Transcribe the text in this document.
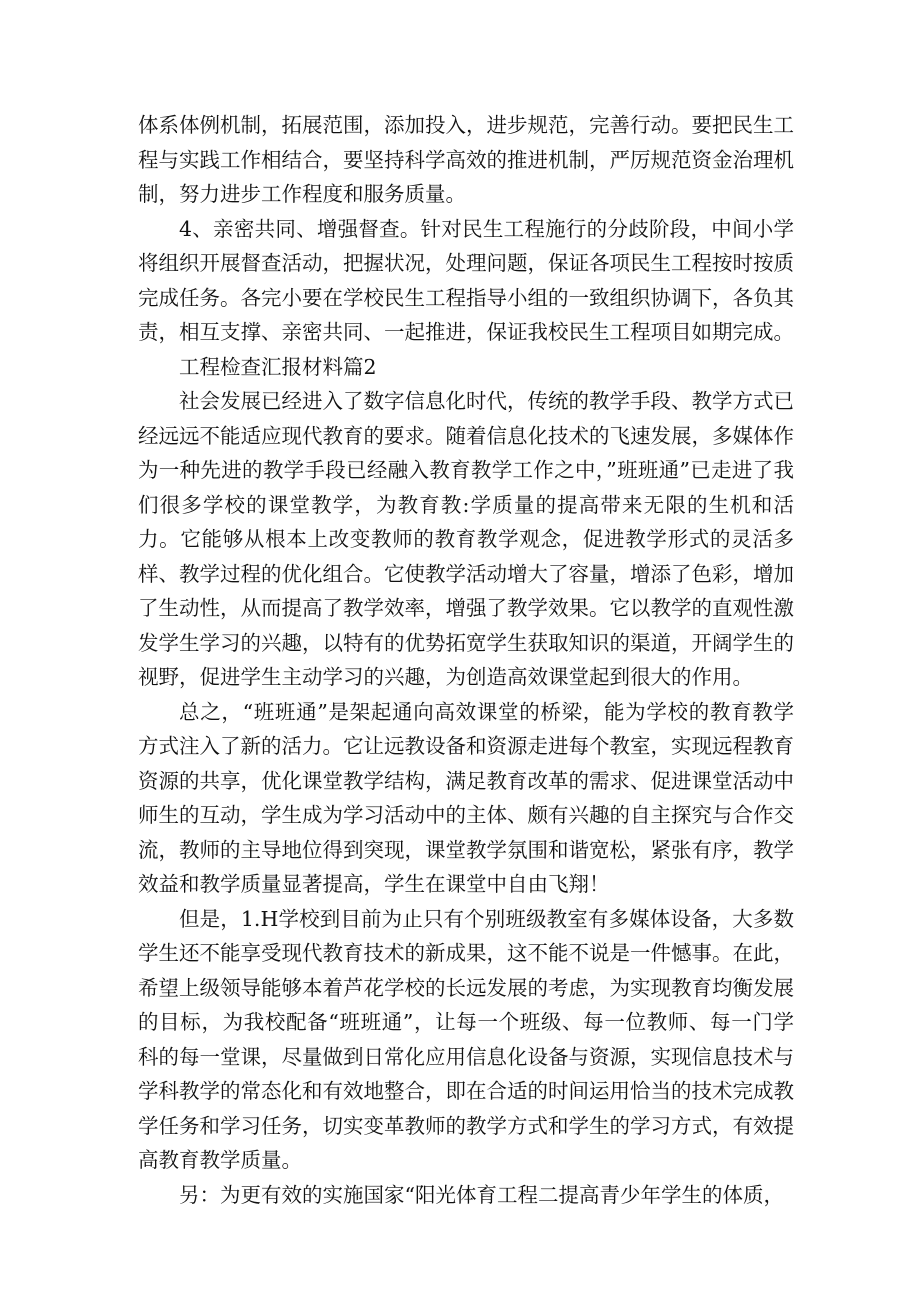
体系体例机制，拓展范围，添加投入，进步规范，完善行动。要把民生工程与实践工作相结合，要坚持科学高效的推进机制，严厉规范资金治理机制，努力进步工作程度和服务质量。

4、亲密共同、增强督查。针对民生工程施行的分歧阶段，中间小学将组织开展督查活动，把握状况，处理问题，保证各项民生工程按时按质完成任务。各完小要在学校民生工程指导小组的一致组织协调下，各负其责，相互支撑、亲密共同、一起推进，保证我校民生工程项目如期完成。

工程检查汇报材料篇2

社会发展已经进入了数字信息化时代，传统的教学手段、教学方式已经远远不能适应现代教育的要求。随着信息化技术的飞速发展，多媒体作为一种先进的教学手段已经融入教育教学工作之中，”班班通”已走进了我们很多学校的课堂教学，为教育教:学质量的提高带来无限的生机和活力。它能够从根本上改变教师的教育教学观念，促进教学形式的灵活多样、教学过程的优化组合。它使教学活动增大了容量，增添了色彩，增加了生动性，从而提高了教学效率，增强了教学效果。它以教学的直观性激发学生学习的兴趣，以特有的优势拓宽学生获取知识的渠道，开阔学生的视野，促进学生主动学习的兴趣，为创造高效课堂起到很大的作用。

总之，“班班通”是架起通向高效课堂的桥梁，能为学校的教育教学方式注入了新的活力。它让远教设备和资源走进每个教室，实现远程教育资源的共享，优化课堂教学结构，满足教育改革的需求、促进课堂活动中师生的互动，学生成为学习活动中的主体、颇有兴趣的自主探究与合作交流，教师的主导地位得到突现，课堂教学氛围和谐宽松，紧张有序，教学效益和教学质量显著提高，学生在课堂中自由飞翔！

但是，1.H学校到目前为止只有个别班级教室有多媒体设备，大多数学生还不能享受现代教育技术的新成果，这不能不说是一件憾事。在此，希望上级领导能够本着芦花学校的长远发展的考虑，为实现教育均衡发展的目标，为我校配备“班班通”，让每一个班级、每一位教师、每一门学科的每一堂课，尽量做到日常化应用信息化设备与资源，实现信息技术与学科教学的常态化和有效地整合，即在合适的时间运用恰当的技术完成教学任务和学习任务，切实变革教师的教学方式和学生的学习方式，有效提高教育教学质量。

另：为更有效的实施国家“阳光体育工程二提高青少年学生的体质，
